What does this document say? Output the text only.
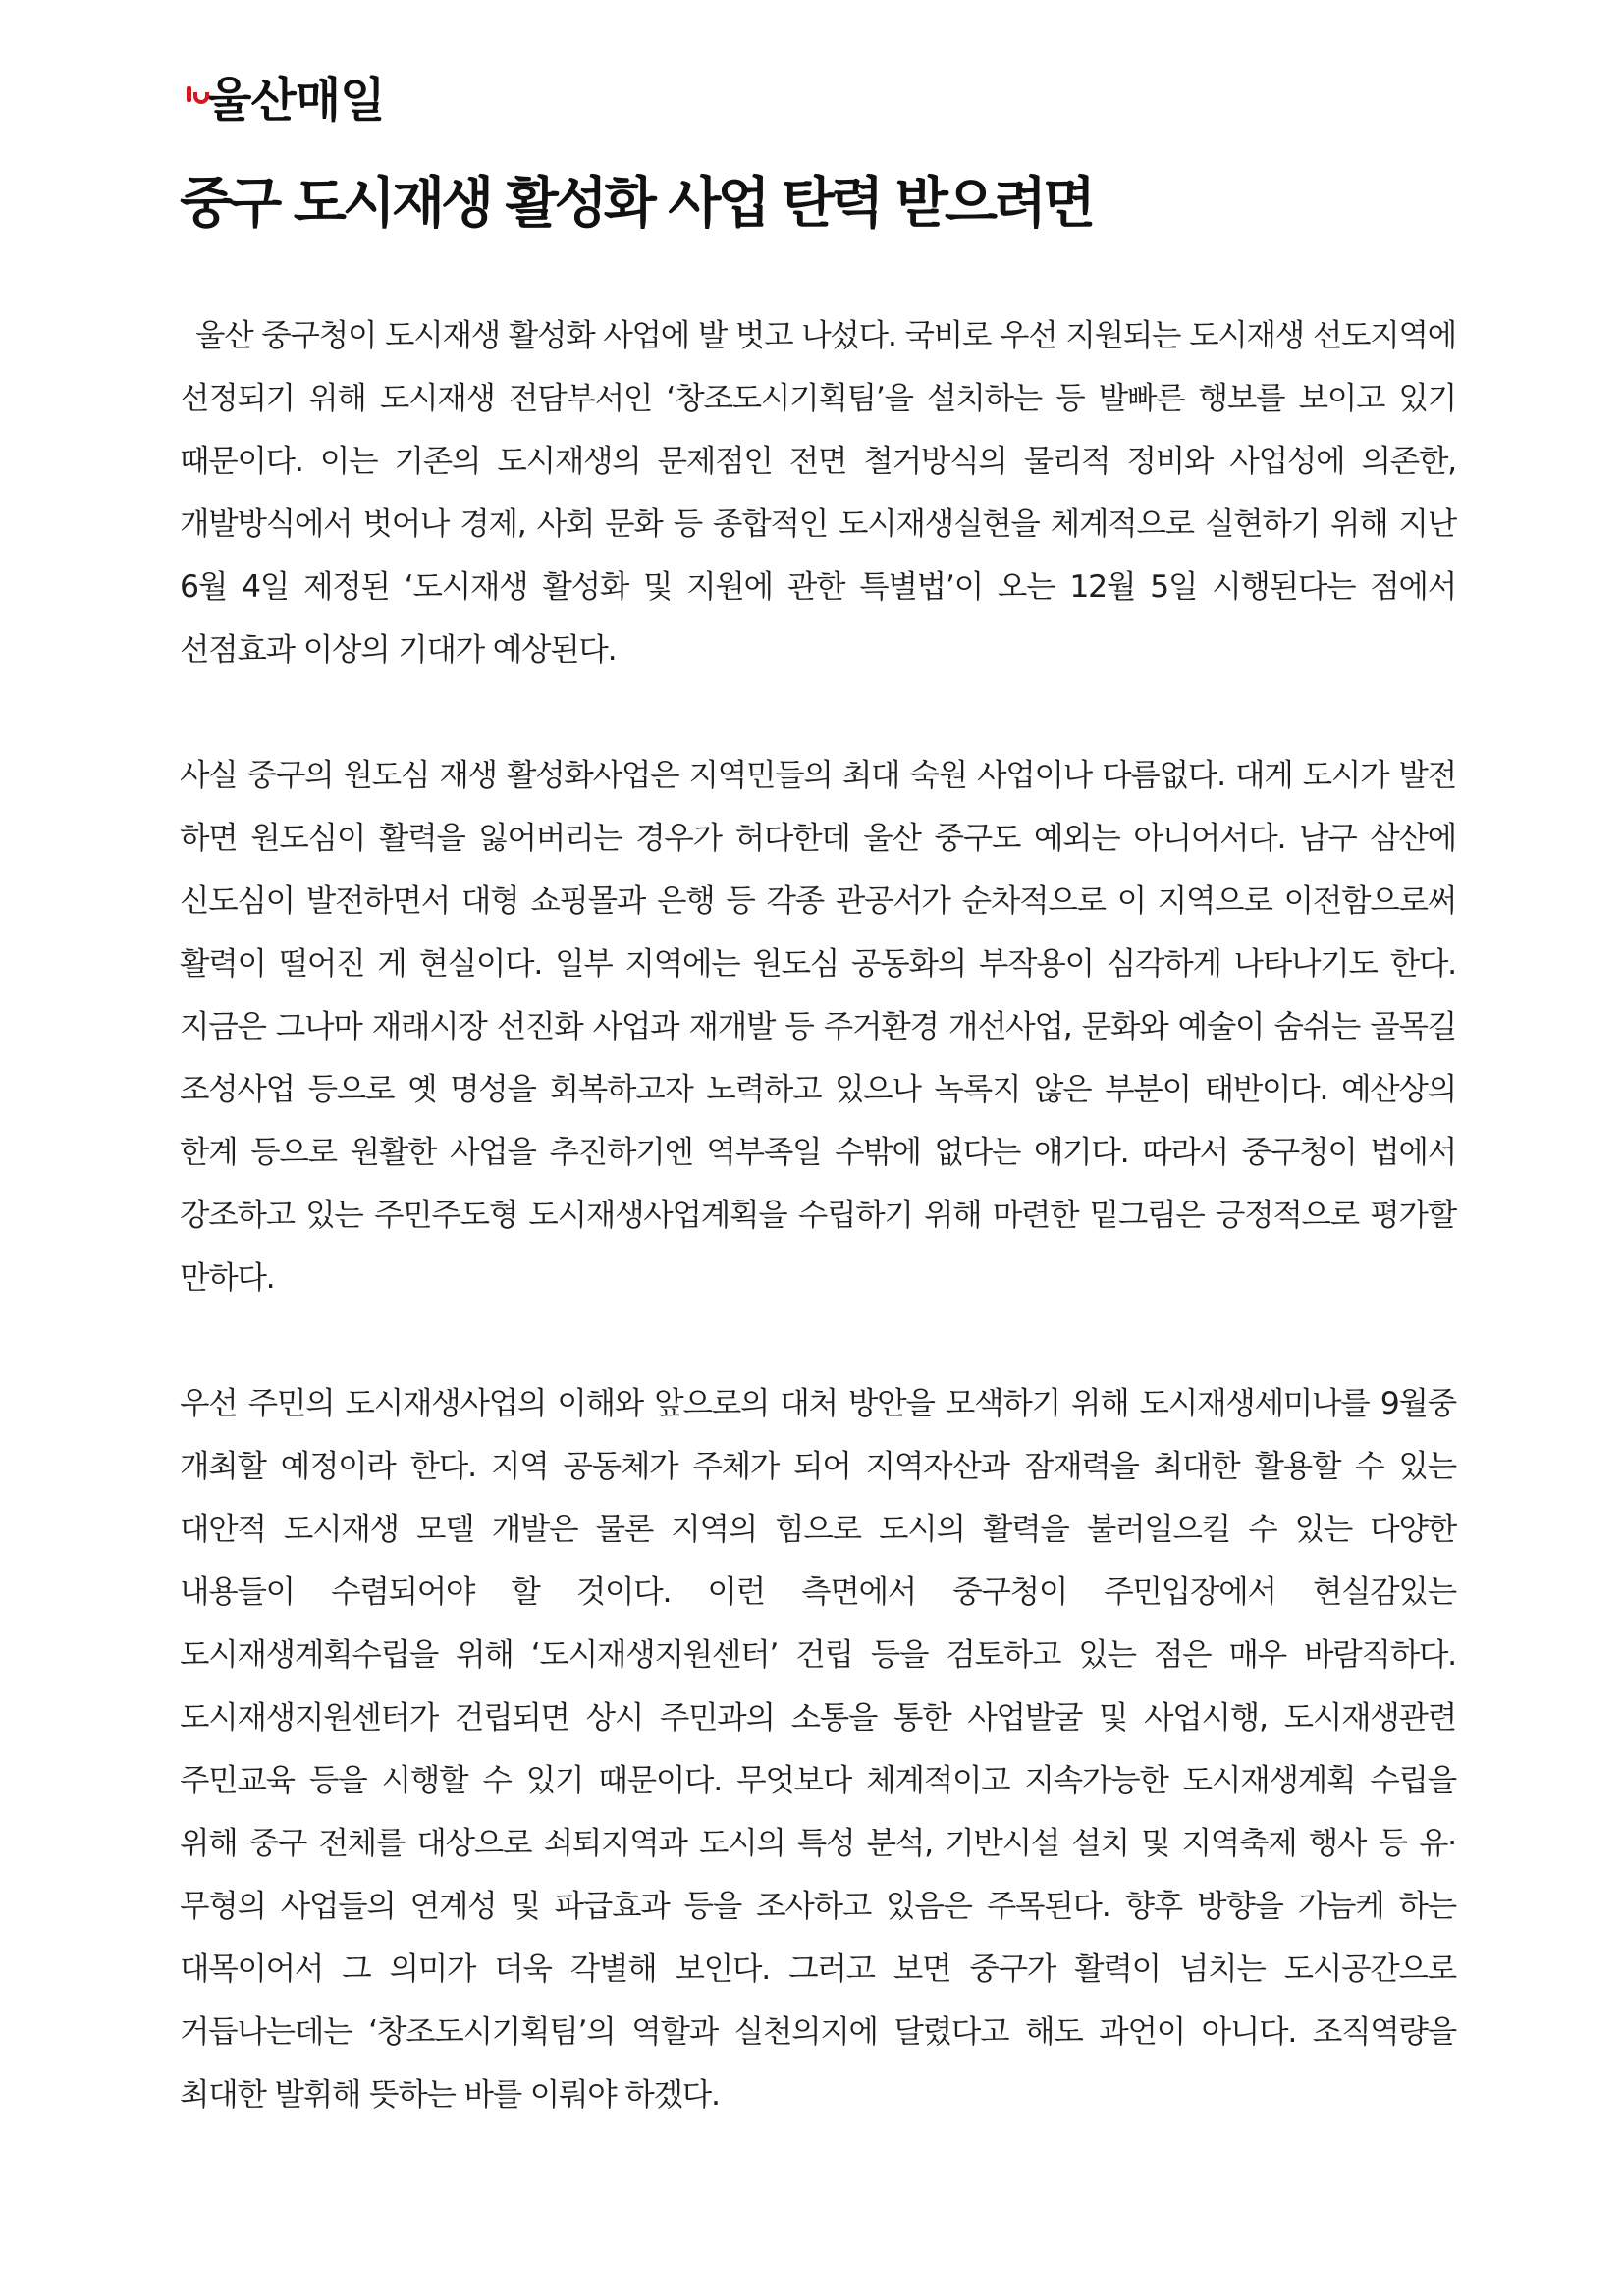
울산매일
중구 도시재생 활성화 사업 탄력 받으려면

울산 중구청이 도시재생 활성화 사업에 발 벗고 나섰다. 국비로 우선 지원되는 도시재생 선도지역에 선정되기 위해 도시재생 전담부서인 ‘창조도시기획팀’을 설치하는 등 발빠른 행보를 보이고 있기 때문이다. 이는 기존의 도시재생의 문제점인 전면 철거방식의 물리적 정비와 사업성에 의존한, 개발방식에서 벗어나 경제, 사회 문화 등 종합적인 도시재생실현을 체계적으로 실현하기 위해 지난 6월 4일 제정된 ‘도시재생 활성화 및 지원에 관한 특별법’이 오는 12월 5일 시행된다는 점에서 선점효과 이상의 기대가 예상된다.

사실 중구의 원도심 재생 활성화사업은 지역민들의 최대 숙원 사업이나 다름없다. 대게 도시가 발전 하면 원도심이 활력을 잃어버리는 경우가 허다한데 울산 중구도 예외는 아니어서다. 남구 삼산에 신도심이 발전하면서 대형 쇼핑몰과 은행 등 각종 관공서가 순차적으로 이 지역으로 이전함으로써 활력이 떨어진 게 현실이다. 일부 지역에는 원도심 공동화의 부작용이 심각하게 나타나기도 한다. 지금은 그나마 재래시장 선진화 사업과 재개발 등 주거환경 개선사업, 문화와 예술이 숨쉬는 골목길 조성사업 등으로 옛 명성을 회복하고자 노력하고 있으나 녹록지 않은 부분이 태반이다. 예산상의 한계 등으로 원활한 사업을 추진하기엔 역부족일 수밖에 없다는 얘기다. 따라서 중구청이 법에서 강조하고 있는 주민주도형 도시재생사업계획을 수립하기 위해 마련한 밑그림은 긍정적으로 평가할 만하다.

우선 주민의 도시재생사업의 이해와 앞으로의 대처 방안을 모색하기 위해 도시재생세미나를 9월중 개최할 예정이라 한다. 지역 공동체가 주체가 되어 지역자산과 잠재력을 최대한 활용할 수 있는 대안적 도시재생 모델 개발은 물론 지역의 힘으로 도시의 활력을 불러일으킬 수 있는 다양한 내용들이 수렴되어야 할 것이다. 이런 측면에서 중구청이 주민입장에서 현실감있는 도시재생계획수립을 위해 ‘도시재생지원센터’ 건립 등을 검토하고 있는 점은 매우 바람직하다. 도시재생지원센터가 건립되면 상시 주민과의 소통을 통한 사업발굴 및 사업시행, 도시재생관련 주민교육 등을 시행할 수 있기 때문이다. 무엇보다 체계적이고 지속가능한 도시재생계획 수립을 위해 중구 전체를 대상으로 쇠퇴지역과 도시의 특성 분석, 기반시설 설치 및 지역축제 행사 등 유·무형의 사업들의 연계성 및 파급효과 등을 조사하고 있음은 주목된다. 향후 방향을 가늠케 하는 대목이어서 그 의미가 더욱 각별해 보인다. 그러고 보면 중구가 활력이 넘치는 도시공간으로 거듭나는데는 ‘창조도시기획팀’의 역할과 실천의지에 달렸다고 해도 과언이 아니다. 조직역량을 최대한 발휘해 뜻하는 바를 이뤄야 하겠다.
